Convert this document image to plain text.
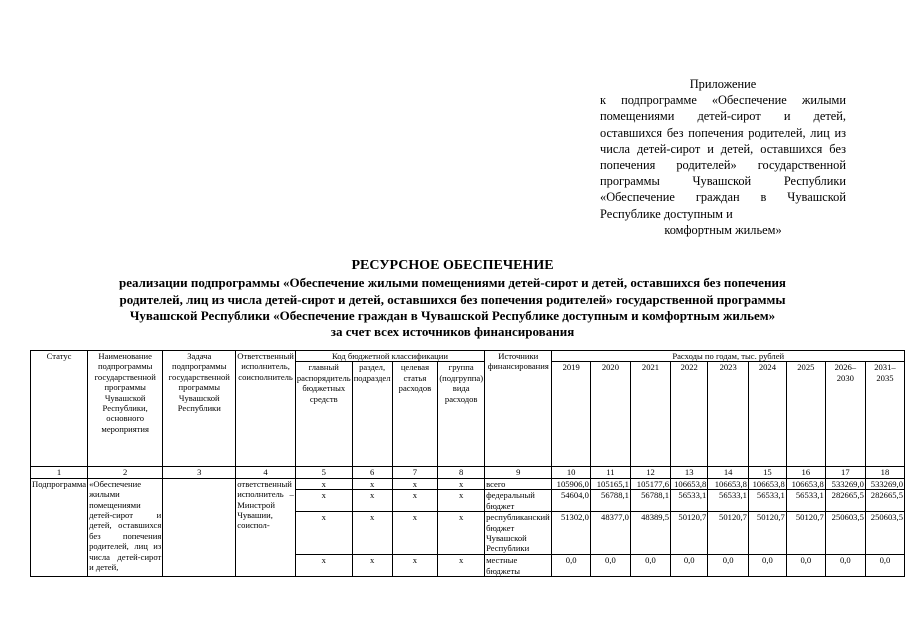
Приложение
к подпрограмме «Обеспечение жилыми помещениями детей-сирот и детей, оставшихся без попечения родителей, лиц из числа детей-сирот и детей, оставшихся без попечения родителей» государственной программы Чувашской Республики «Обеспечение граждан в Чувашской Республике доступным и
комфортным жильем»
РЕСУРСНОЕ ОБЕСПЕЧЕНИЕ
реализации подпрограммы «Обеспечение жилыми помещениями детей-сирот и детей, оставшихся без попечения
родителей, лиц из числа детей-сирот и детей, оставшихся без попечения родителей» государственной программы
Чувашской Республики «Обеспечение граждан в Чувашской Республике доступным и комфортным жильем»
за счет всех источников финансирования
Статус	Наименование подпрограммы государственной программы Чувашской Республики, основного мероприятия	Задача подпрограммы государственной программы Чувашской Республики	Ответственный исполнитель, соисполнитель	Код бюджетной классификации				Источники финансирования	Расходы по годам, тыс. рублей								
				главный распорядитель бюджетных средств	раздел, подраздел	целевая статья расходов	группа (подгруппа) вида расходов		2019	2020	2021	2022	2023	2024	2025	2026–2030	2031–2035
1	2	3	4	5	6	7	8	9	10	11	12	13	14	15	16	17	18
Подпрограмма	«Обеспечение жилыми помещениями детей-сирот и детей, оставшихся без попечения родителей, лиц из числа детей-сирот и детей,		ответственный исполнитель – Минстрой Чувашии, соиспол-	x	x	x	x	всего	105906,0	105165,1	105177,6	106653,8	106653,8	106653,8	106653,8	533269,0	533269,0
				x	x	x	x	федеральный бюджет	54604,0	56788,1	56788,1	56533,1	56533,1	56533,1	56533,1	282665,5	282665,5
				x	x	x	x	республиканский бюджет Чувашской Республики	51302,0	48377,0	48389,5	50120,7	50120,7	50120,7	50120,7	250603,5	250603,5
				x	x	x	x	местные бюджеты	0,0	0,0	0,0	0,0	0,0	0,0	0,0	0,0	0,0
